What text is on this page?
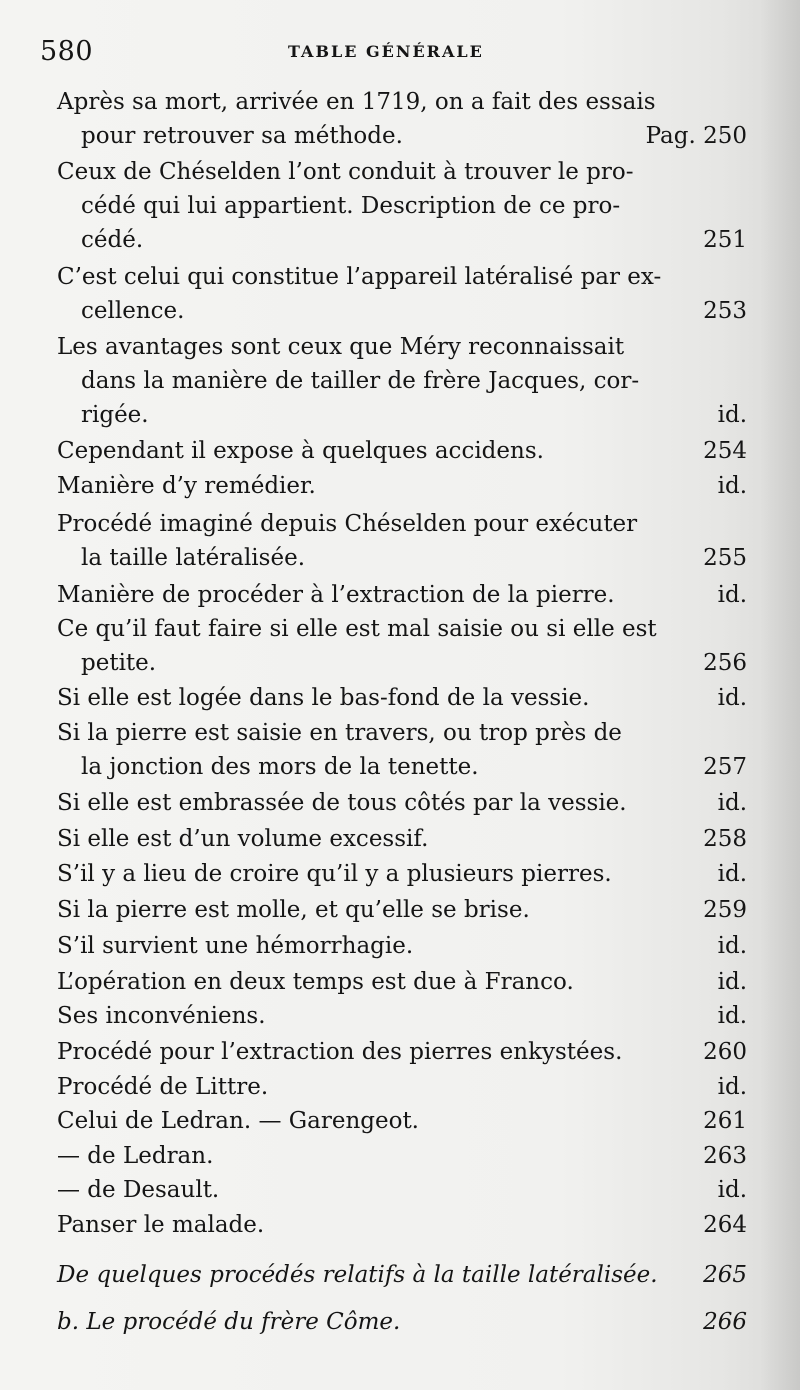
580	TABLE GÉNÉRALE
Après sa mort, arrivée en 1719, on a fait des essais
Pag. 250
pour retrouver sa méthode.
Ceux de Chéselden l’ont conduit à trouver le pro-
cédé qui lui appartient. Description de ce pro-
251
cédé.
C’est celui qui constitue l’appareil latéralisé par ex-
253
cellence.
Les avantages sont ceux que Méry reconnaissait
dans la manière de tailler de frère Jacques, cor-
id.
rigée.
254
Cependant il expose à quelques accidens.
id.
Manière d’y remédier.
Procédé imaginé depuis Chéselden pour exécuter
255
la taille latéralisée.
id.
Manière de procéder à l’extraction de la pierre.
Ce qu’il faut faire si elle est mal saisie ou si elle est
256
petite.
id.
Si elle est logée dans le bas-fond de la vessie.
Si la pierre est saisie en travers, ou trop près de
257
la jonction des mors de la tenette.
id.
Si elle est embrassée de tous côtés par la vessie.
258
Si elle est d’un volume excessif.
id.
S’il y a lieu de croire qu’il y a plusieurs pierres.
259
Si la pierre est molle, et qu’elle se brise.
id.
S’il survient une hémorrhagie.
id.
L’opération en deux temps est due à Franco.
id.
Ses inconvéniens.
260
Procédé pour l’extraction des pierres enkystées.
id.
Procédé de Littre.
261
Celui de Ledran. — Garengeot.
263
— de Ledran.
id.
— de Desault.
264
Panser le malade.
265
De quelques procédés relatifs à la taille latéralisée.
266
b. Le procédé du frère Côme.
